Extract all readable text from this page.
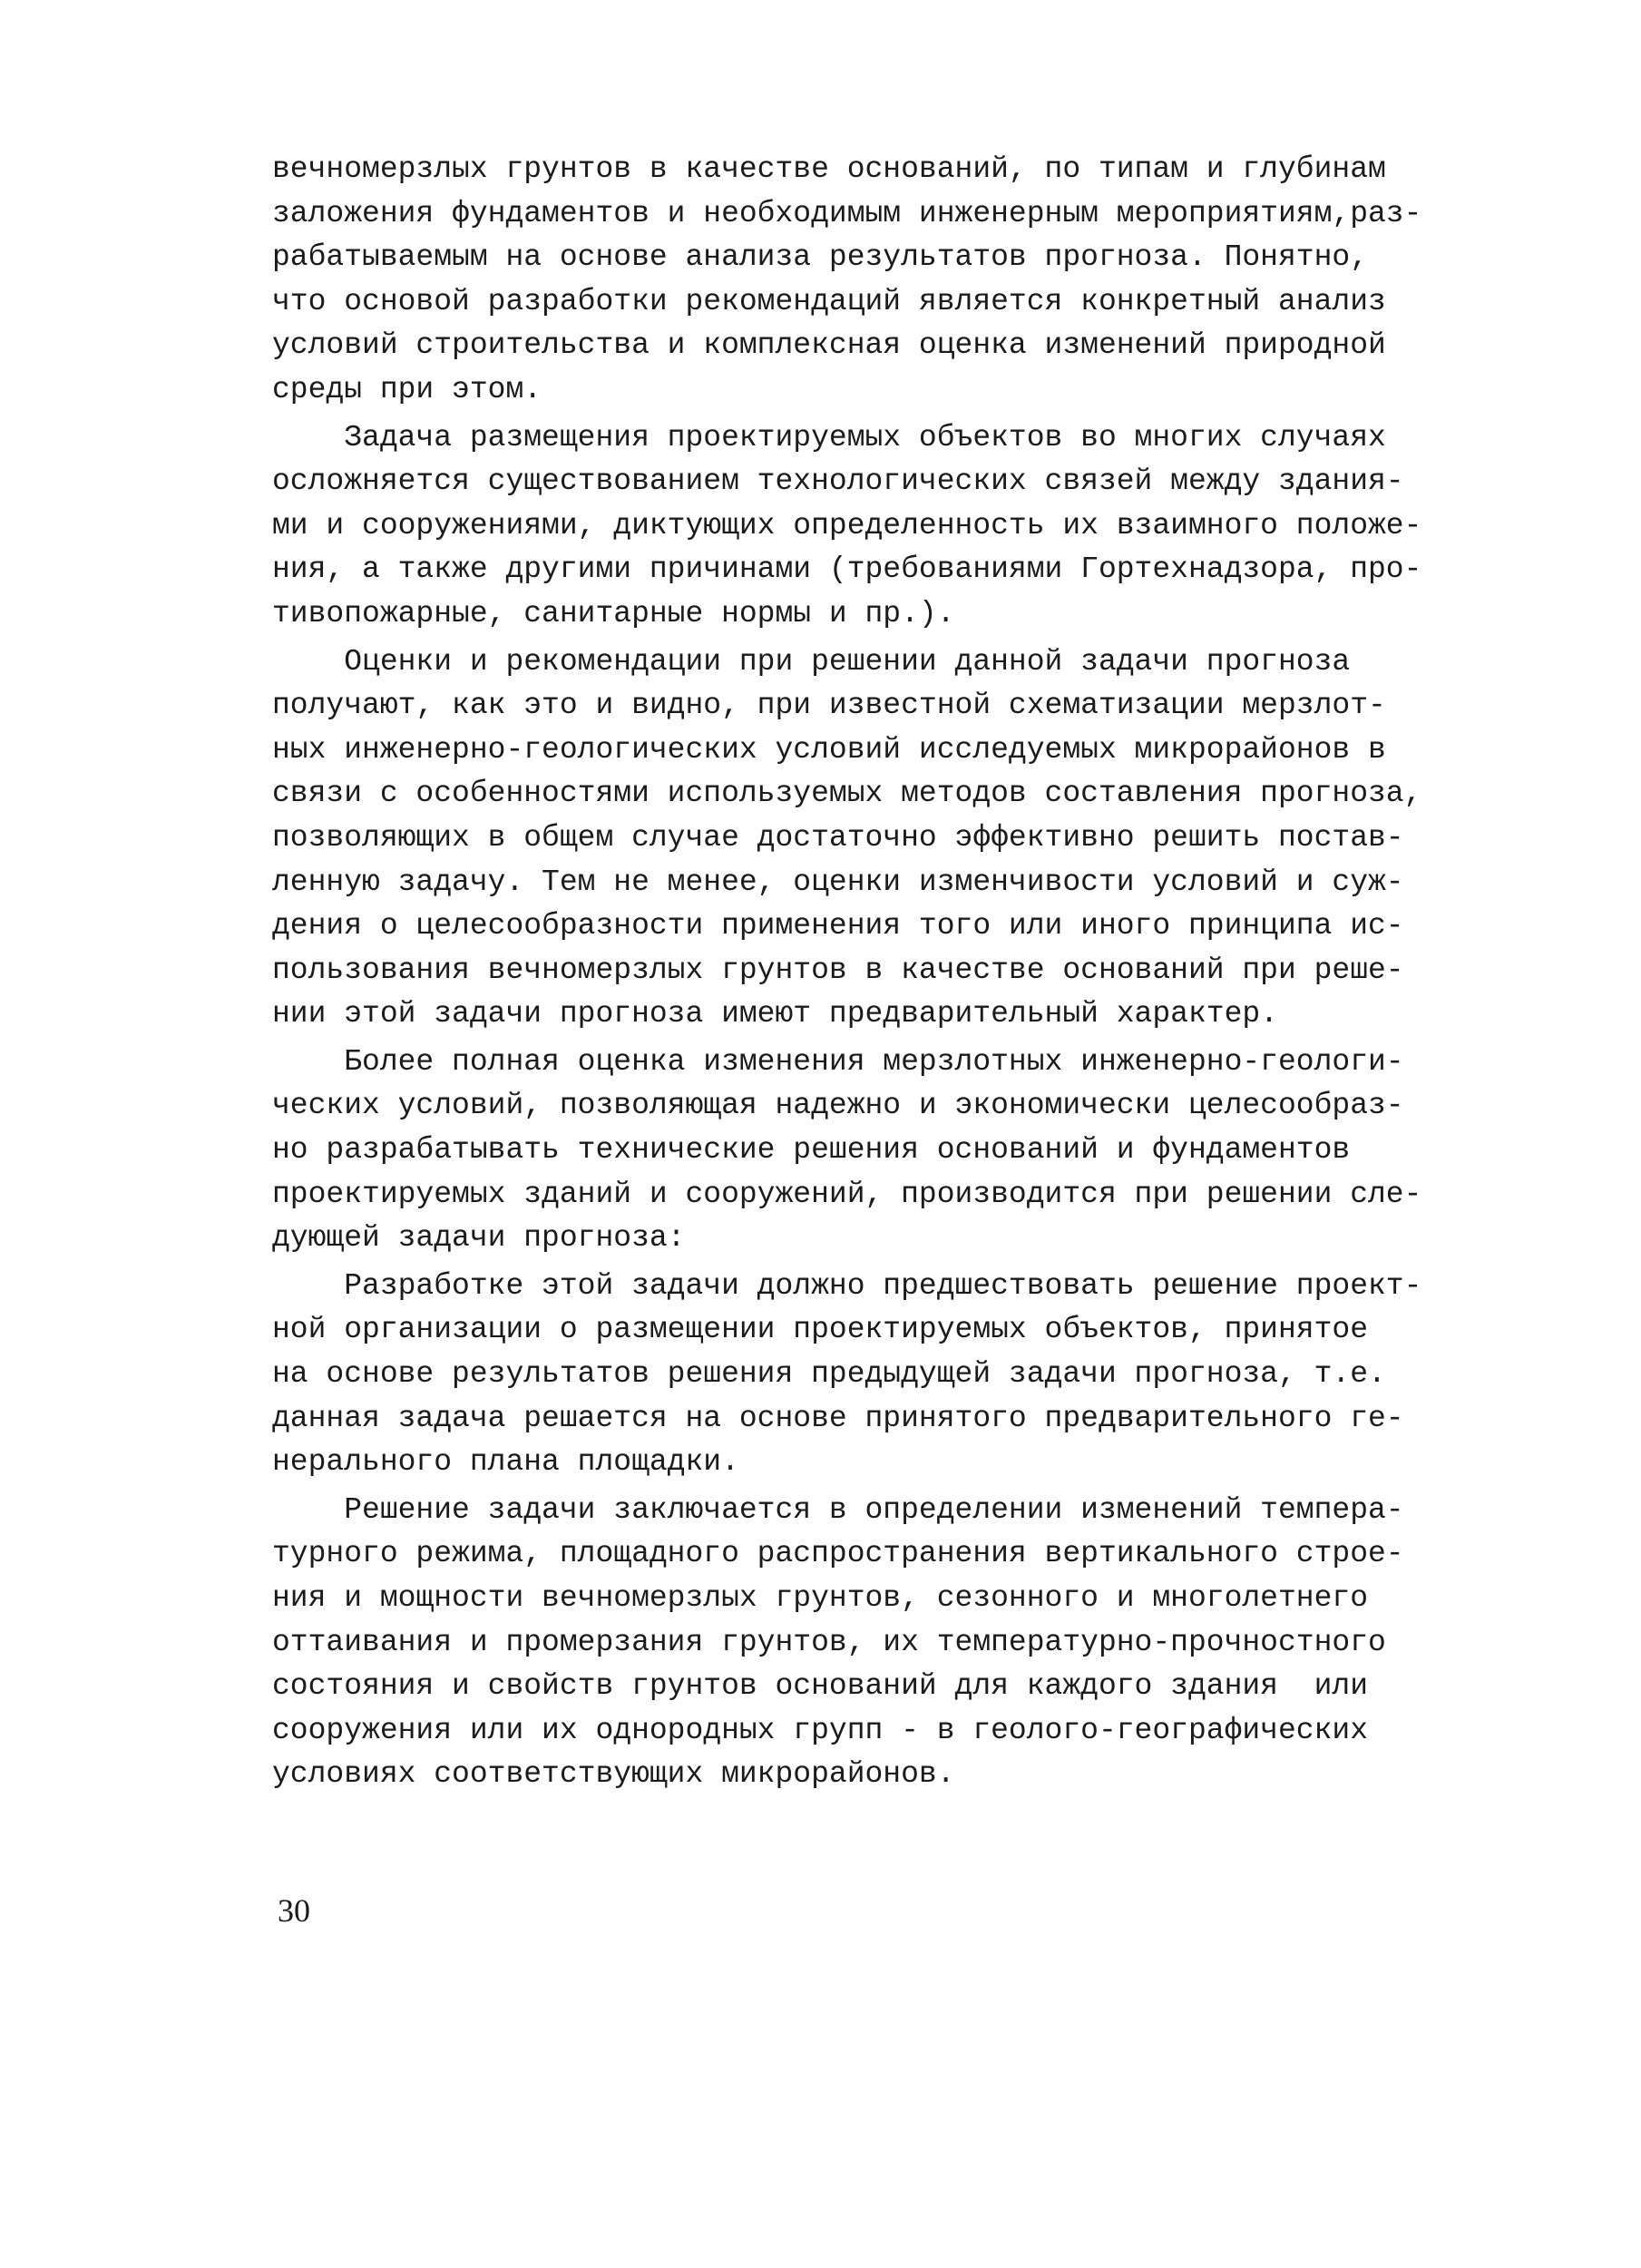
вечномерзлых грунтов в качестве оснований, по типам и глубинам
заложения фундаментов и необходимым инженерным мероприятиям,раз-
рабатываемым на основе анализа результатов прогноза. Понятно,
что основой разработки рекомендаций является конкретный анализ
условий строительства и комплексная оценка изменений природной
среды при этом.
Задача размещения проектируемых объектов во многих случаях
осложняется существованием технологических связей между здания-
ми и сооружениями, диктующих определенность их взаимного положе-
ния, а также другими причинами (требованиями Гортехнадзора, про-
тивопожарные, санитарные нормы и пр.).
Оценки и рекомендации при решении данной задачи прогноза
получают, как это и видно, при известной схематизации мерзлот-
ных инженерно-геологических условий исследуемых микрорайонов в
связи с особенностями используемых методов составления прогноза,
позволяющих в общем случае достаточно эффективно решить постав-
ленную задачу. Тем не менее, оценки изменчивости условий и суж-
дения о целесообразности применения того или иного принципа ис-
пользования вечномерзлых грунтов в качестве оснований при реше-
нии этой задачи прогноза имеют предварительный характер.
Более полная оценка изменения мерзлотных инженерно-геологи-
ческих условий, позволяющая надежно и экономически целесообраз-
но разрабатывать технические решения оснований и фундаментов
проектируемых зданий и сооружений, производится при решении сле-
дующей задачи прогноза:
Разработке этой задачи должно предшествовать решение проект-
ной организации о размещении проектируемых объектов, принятое
на основе результатов решения предыдущей задачи прогноза, т.е.
данная задача решается на основе принятого предварительного ге-
нерального плана площадки.
Решение задачи заключается в определении изменений темпера-
турного режима, площадного распространения вертикального строе-
ния и мощности вечномерзлых грунтов, сезонного и многолетнего
оттаивания и промерзания грунтов, их температурно-прочностного
состояния и свойств грунтов оснований для каждого здания  или
сооружения или их однородных групп - в геолого-географических
условиях соответствующих микрорайонов.
30
